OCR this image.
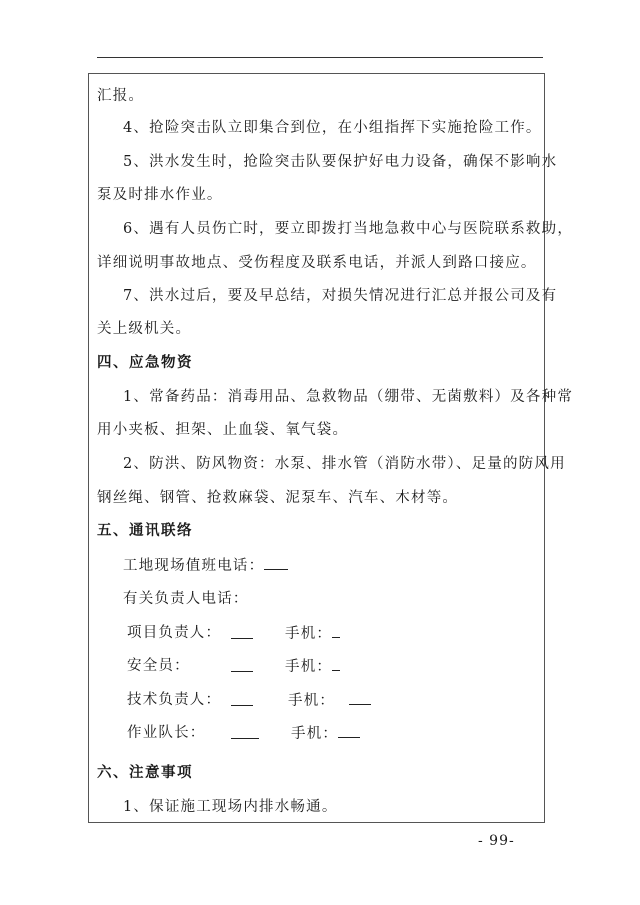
汇报。
4、抢险突击队立即集合到位，在小组指挥下实施抢险工作。
5、洪水发生时，抢险突击队要保护好电力设备，确保不影响水
泵及时排水作业。
6、遇有人员伤亡时，要立即拨打当地急救中心与医院联系救助，
详细说明事故地点、受伤程度及联系电话，并派人到路口接应。
7、洪水过后，要及早总结，对损失情况进行汇总并报公司及有
关上级机关。
四、应急物资
1、常备药品：消毒用品、急救物品（绷带、无菌敷料）及各种常
用小夹板、担架、止血袋、氧气袋。
2、防洪、防风物资：水泵、排水管（消防水带）、足量的防风用
钢丝绳、钢管、抢救麻袋、泥泵车、汽车、木材等。
五、通讯联络
工地现场值班电话：
有关负责人电话：
项目负责人：	手机：
安全员：	手机：
技术负责人：	手机：
作业队长：	手机：
六、注意事项
1、保证施工现场内排水畅通。
- 99-
